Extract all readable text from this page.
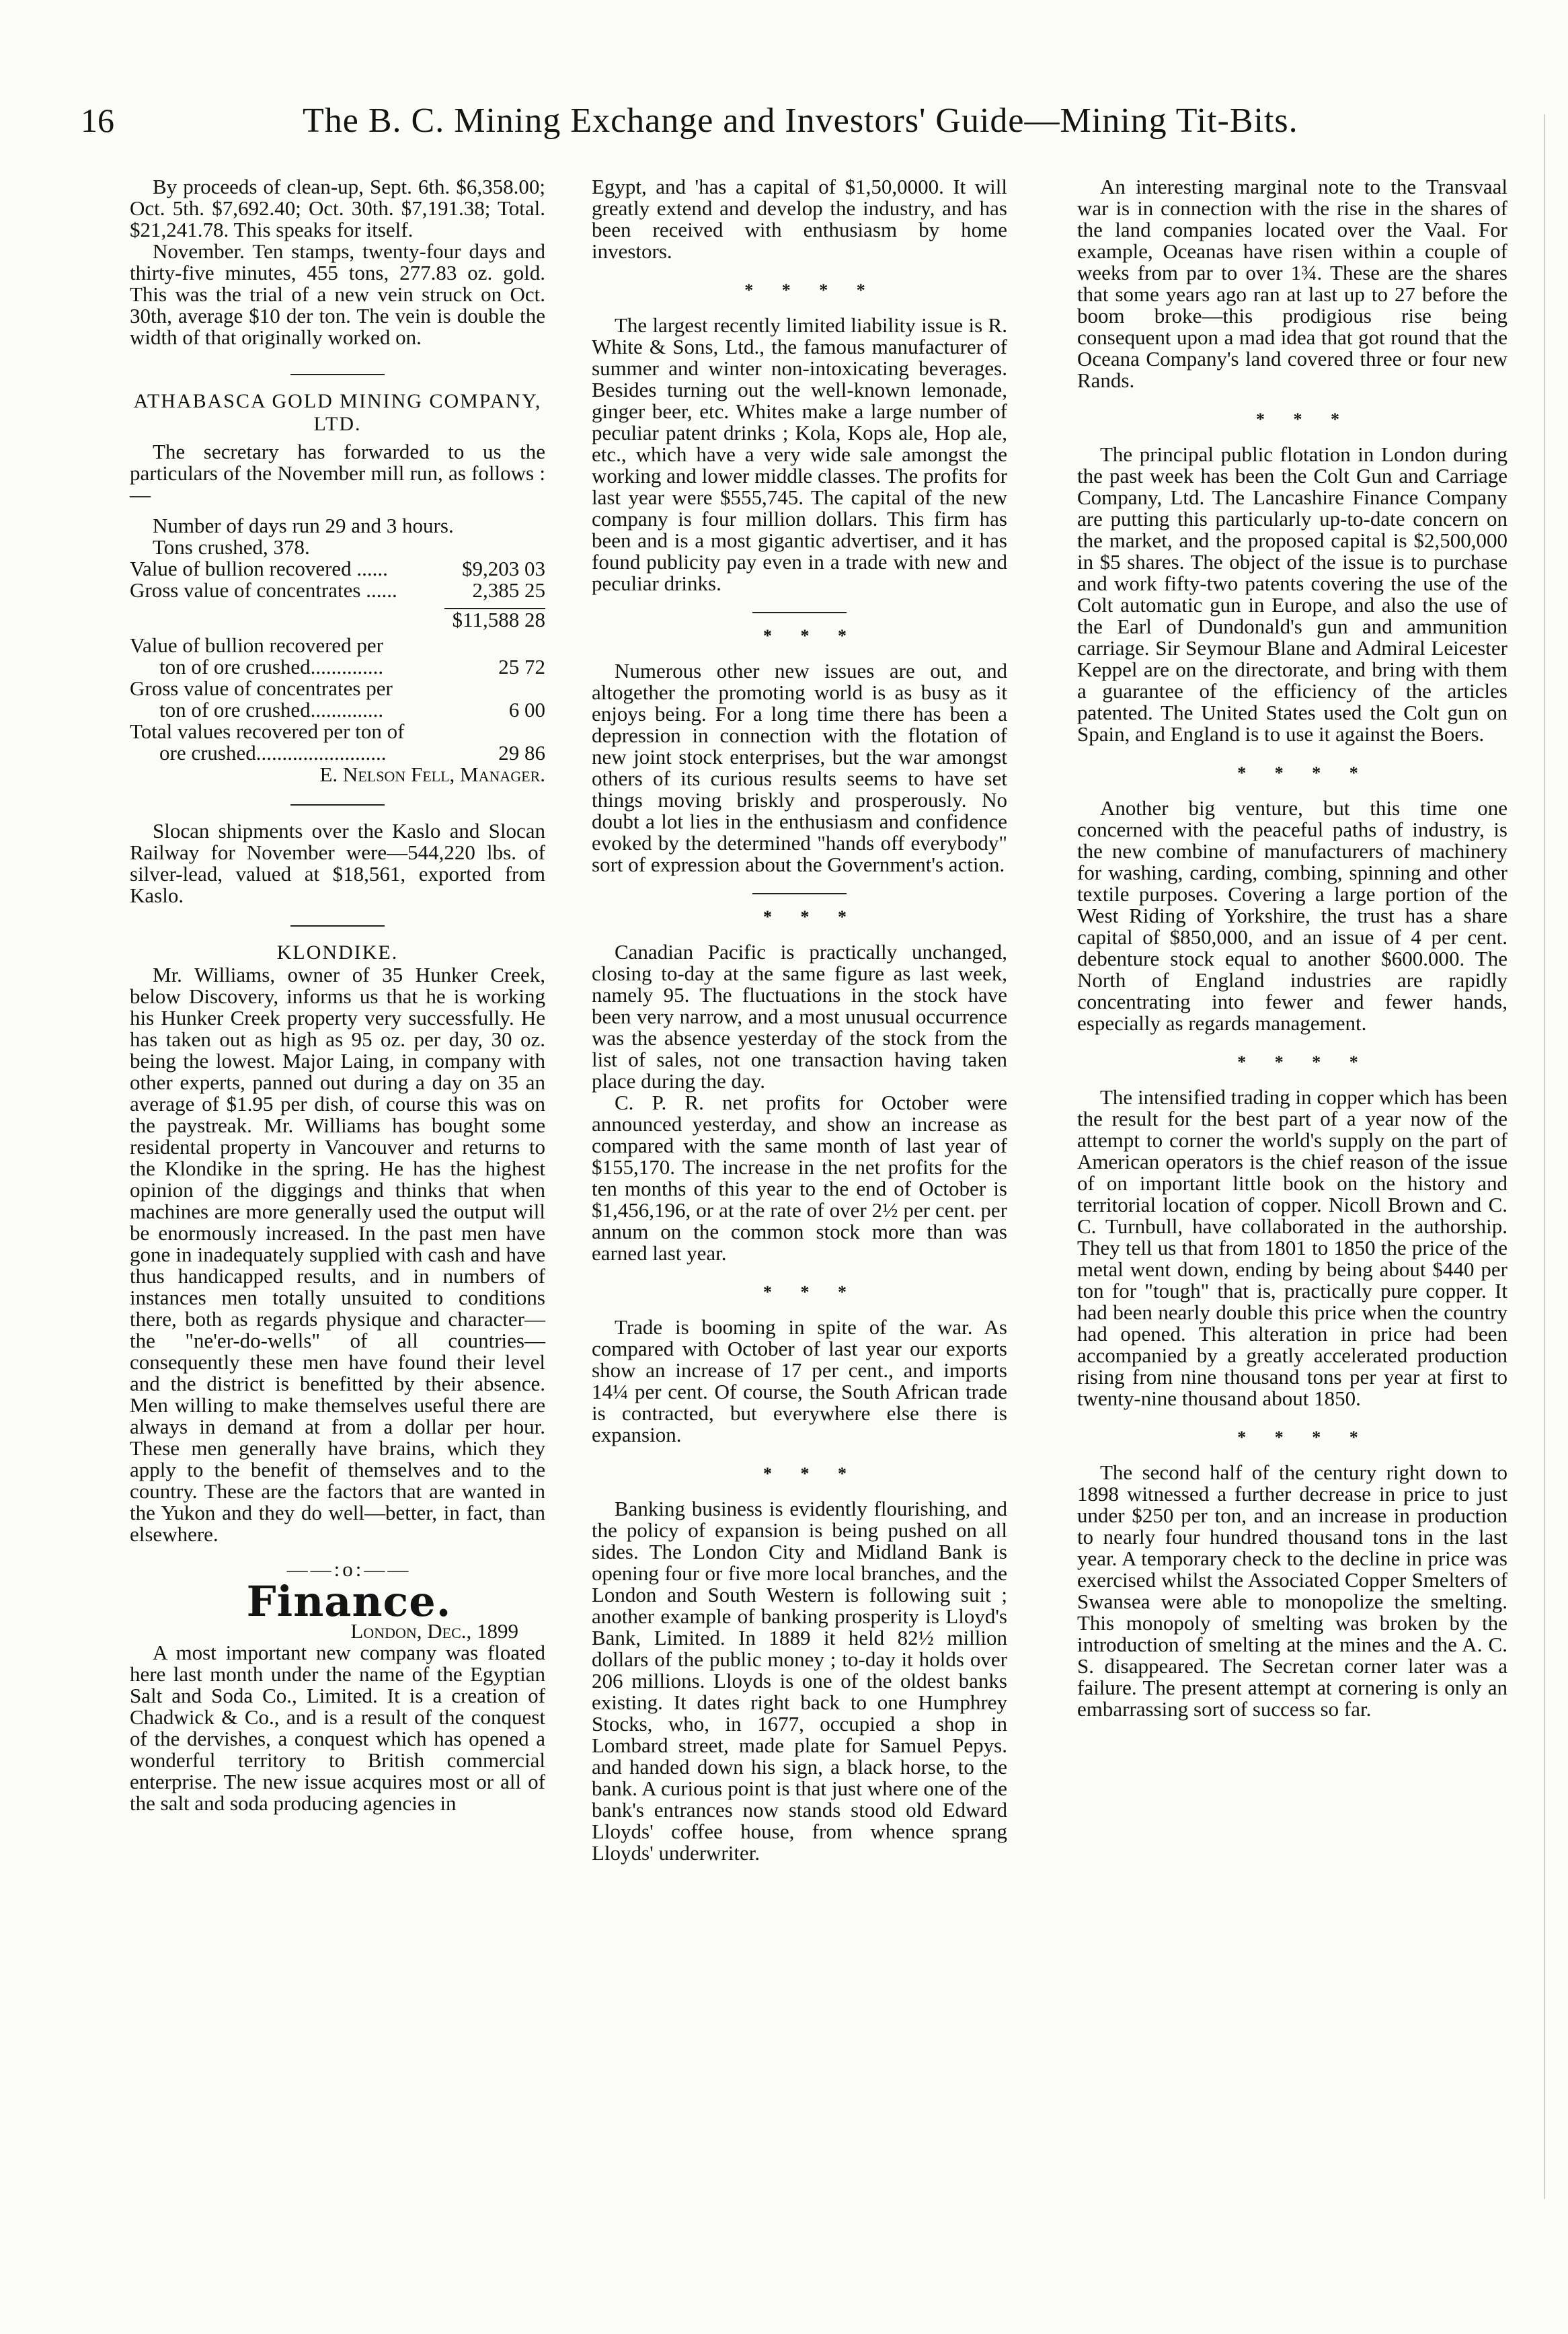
16	The B. C. Mining Exchange and Investors' Guide—Mining Tit-Bits.

By proceeds of clean-up, Sept. 6th. $6,358.00; Oct. 5th. $7,692.40; Oct. 30th. $7,191.38; Total. $21,241.78. This speaks for itself.

November. Ten stamps, twenty-four days and thirty-five minutes, 455 tons, 277.83 oz. gold. This was the trial of a new vein struck on Oct. 30th, average $10 der ton. The vein is double the width of that originally worked on.

ATHABASCA GOLD MINING COMPANY, LTD.

The secretary has forwarded to us the particulars of the November mill run, as follows :—

Number of days run 29 and 3 hours.

Tons crushed, 378.

Value of bullion recovered ......	$9,203 03
Gross value of concentrates ......	2,385 25
$11,588 28

Value of bullion recovered per

ton of ore crushed..............	25 72

Gross value of concentrates per

ton of ore crushed..............	6 00

Total values recovered per ton of

ore crushed.........................	29 86

E. Nelson Fell, Manager.

Slocan shipments over the Kaslo and Slocan Railway for November were—544,220 lbs. of silver-lead, valued at $18,561, exported from Kaslo.

KLONDIKE.

Mr. Williams, owner of 35 Hunker Creek, below Discovery, informs us that he is working his Hunker Creek property very successfully. He has taken out as high as 95 oz. per day, 30 oz. being the lowest. Major Laing, in company with other experts, panned out during a day on 35 an average of $1.95 per dish, of course this was on the paystreak. Mr. Williams has bought some residental property in Vancouver and returns to the Klondike in the spring. He has the highest opinion of the diggings and thinks that when machines are more generally used the output will be enormously increased. In the past men have gone in inadequately supplied with cash and have thus handicapped results, and in numbers of instances men totally unsuited to conditions there, both as regards physique and character—the "ne'er-do-wells" of all countries—consequently these men have found their level and the district is benefitted by their absence. Men willing to make themselves useful there are always in demand at from a dollar per hour. These men generally have brains, which they apply to the benefit of themselves and to the country. These are the factors that are wanted in the Yukon and they do well—better, in fact, than elsewhere.

——:o:——

Finance.

London, Dec., 1899

A most important new company was floated here last month under the name of the Egyptian Salt and Soda Co., Limited. It is a creation of Chadwick & Co., and is a result of the conquest of the dervishes, a conquest which has opened a wonderful territory to British commercial enterprise. The new issue acquires most or all of the salt and soda producing agencies in

Egypt, and 'has a capital of $1,50,0000. It will greatly extend and develop the industry, and has been received with enthusiasm by home investors.

* * * *

The largest recently limited liability issue is R. White & Sons, Ltd., the famous manufacturer of summer and winter non-intoxicating beverages. Besides turning out the well-known lemonade, ginger beer, etc. Whites make a large number of peculiar patent drinks ; Kola, Kops ale, Hop ale, etc., which have a very wide sale amongst the working and lower middle classes. The profits for last year were $555,745. The capital of the new company is four million dollars. This firm has been and is a most gigantic advertiser, and it has found publicity pay even in a trade with new and peculiar drinks.

* * *

Numerous other new issues are out, and altogether the promoting world is as busy as it enjoys being. For a long time there has been a depression in connection with the flotation of new joint stock enterprises, but the war amongst others of its curious results seems to have set things moving briskly and prosperously. No doubt a lot lies in the enthusiasm and confidence evoked by the determined "hands off everybody" sort of expression about the Government's action.

* * *

Canadian Pacific is practically unchanged, closing to-day at the same figure as last week, namely 95. The fluctuations in the stock have been very narrow, and a most unusual occurrence was the absence yesterday of the stock from the list of sales, not one transaction having taken place during the day.

C. P. R. net profits for October were announced yesterday, and show an increase as compared with the same month of last year of $155,170. The increase in the net profits for the ten months of this year to the end of October is $1,456,196, or at the rate of over 2½ per cent. per annum on the common stock more than was earned last year.

* * *

Trade is booming in spite of the war. As compared with October of last year our exports show an increase of 17 per cent., and imports 14¼ per cent. Of course, the South African trade is contracted, but everywhere else there is expansion.

* * *

Banking business is evidently flourishing, and the policy of expansion is being pushed on all sides. The London City and Midland Bank is opening four or five more local branches, and the London and South Western is following suit ; another example of banking prosperity is Lloyd's Bank, Limited. In 1889 it held 82½ million dollars of the public money ; to-day it holds over 206 millions. Lloyds is one of the oldest banks existing. It dates right back to one Humphrey Stocks, who, in 1677, occupied a shop in Lombard street, made plate for Samuel Pepys. and handed down his sign, a black horse, to the bank. A curious point is that just where one of the bank's entrances now stands stood old Edward Lloyds' coffee house, from whence sprang Lloyds' underwriter.

An interesting marginal note to the Transvaal war is in connection with the rise in the shares of the land companies located over the Vaal. For example, Oceanas have risen within a couple of weeks from par to over 1¾. These are the shares that some years ago ran at last up to 27 before the boom broke—this prodigious rise being consequent upon a mad idea that got round that the Oceana Company's land covered three or four new Rands.

* * *

The principal public flotation in London during the past week has been the Colt Gun and Carriage Company, Ltd. The Lancashire Finance Company are putting this particularly up-to-date concern on the market, and the proposed capital is $2,500,000 in $5 shares. The object of the issue is to purchase and work fifty-two patents covering the use of the Colt automatic gun in Europe, and also the use of the Earl of Dundonald's gun and ammunition carriage. Sir Seymour Blane and Admiral Leicester Keppel are on the directorate, and bring with them a guarantee of the efficiency of the articles patented. The United States used the Colt gun on Spain, and England is to use it against the Boers.

* * * *

Another big venture, but this time one concerned with the peaceful paths of industry, is the new combine of manufacturers of machinery for washing, carding, combing, spinning and other textile purposes. Covering a large portion of the West Riding of Yorkshire, the trust has a share capital of $850,000, and an issue of 4 per cent. debenture stock equal to another $600.000. The North of England industries are rapidly concentrating into fewer and fewer hands, especially as regards management.

* * * *

The intensified trading in copper which has been the result for the best part of a year now of the attempt to corner the world's supply on the part of American operators is the chief reason of the issue of on important little book on the history and territorial location of copper. Nicoll Brown and C. C. Turnbull, have collaborated in the authorship. They tell us that from 1801 to 1850 the price of the metal went down, ending by being about $440 per ton for "tough" that is, practically pure copper. It had been nearly double this price when the country had opened. This alteration in price had been accompanied by a greatly accelerated production rising from nine thousand tons per year at first to twenty-nine thousand about 1850.

* * * *

The second half of the century right down to 1898 witnessed a further decrease in price to just under $250 per ton, and an increase in production to nearly four hundred thousand tons in the last year. A temporary check to the decline in price was exercised whilst the Associated Copper Smelters of Swansea were able to monopolize the smelting. This monopoly of smelting was broken by the introduction of smelting at the mines and the A. C. S. disappeared. The Secretan corner later was a failure. The present attempt at cornering is only an embarrassing sort of success so far.
